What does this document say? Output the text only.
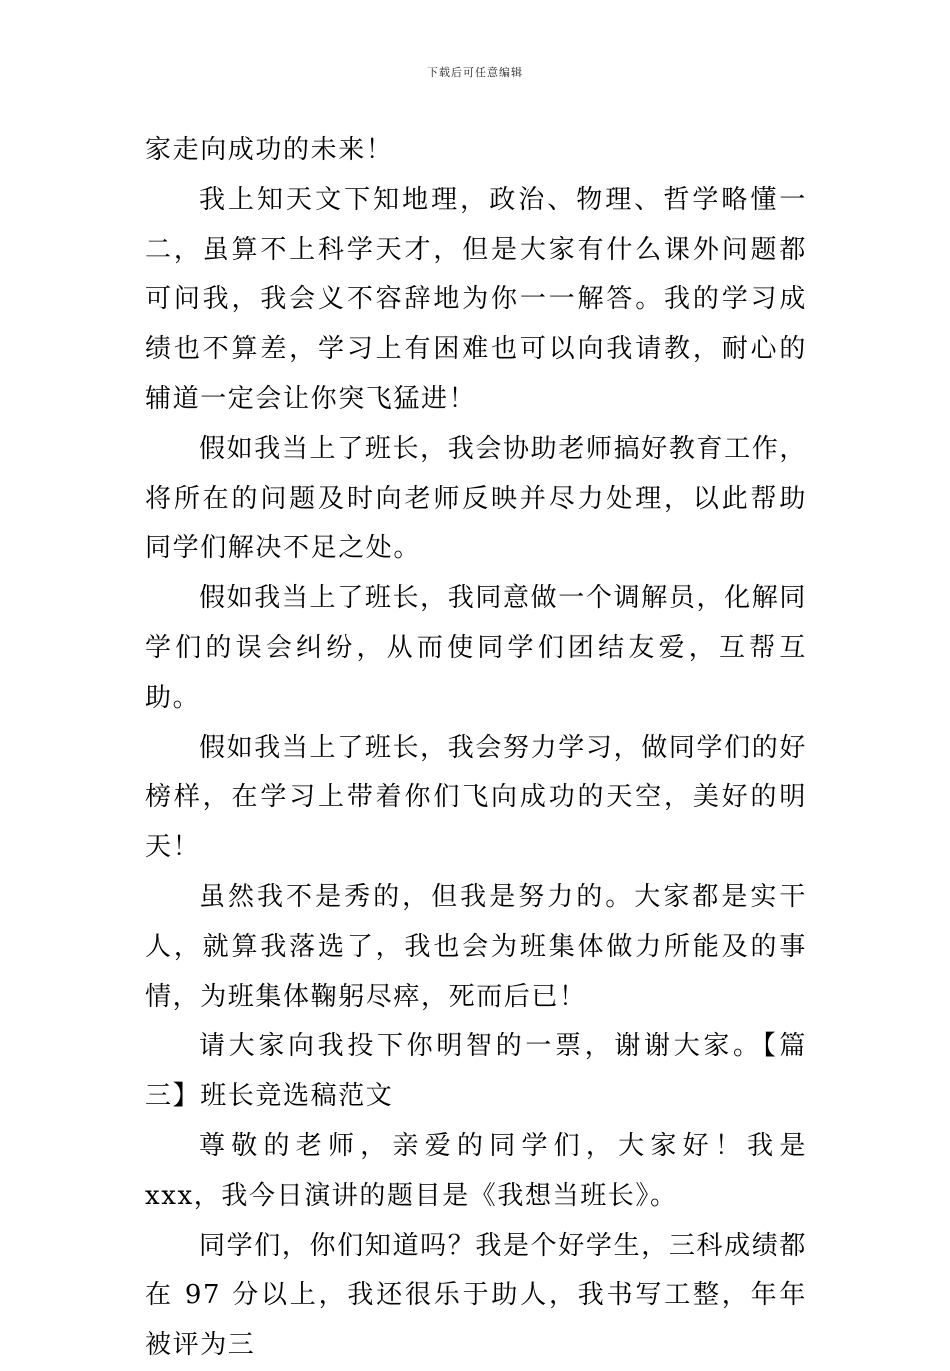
下载后可任意编辑

家走向成功的未来！

我上知天文下知地理，政治、物理、哲学略懂一二，虽算不上科学天才，但是大家有什么课外问题都可问我，我会义不容辞地为你一一解答。我的学习成绩也不算差，学习上有困难也可以向我请教，耐心的辅道一定会让你突飞猛进！

假如我当上了班长，我会协助老师搞好教育工作，将所在的问题及时向老师反映并尽力处理，以此帮助同学们解决不足之处。

假如我当上了班长，我同意做一个调解员，化解同学们的误会纠纷，从而使同学们团结友爱，互帮互助。

假如我当上了班长，我会努力学习，做同学们的好榜样，在学习上带着你们飞向成功的天空，美好的明天！

虽然我不是秀的，但我是努力的。大家都是实干人，就算我落选了，我也会为班集体做力所能及的事情，为班集体鞠躬尽瘁，死而后已！

请大家向我投下你明智的一票，谢谢大家。【篇三】班长竞选稿范文

尊敬的老师，亲爱的同学们，大家好！我是 xxx，我今日演讲的题目是《我想当班长》。

同学们，你们知道吗？我是个好学生，三科成绩都在 97 分以上，我还很乐于助人，我书写工整，年年被评为三
